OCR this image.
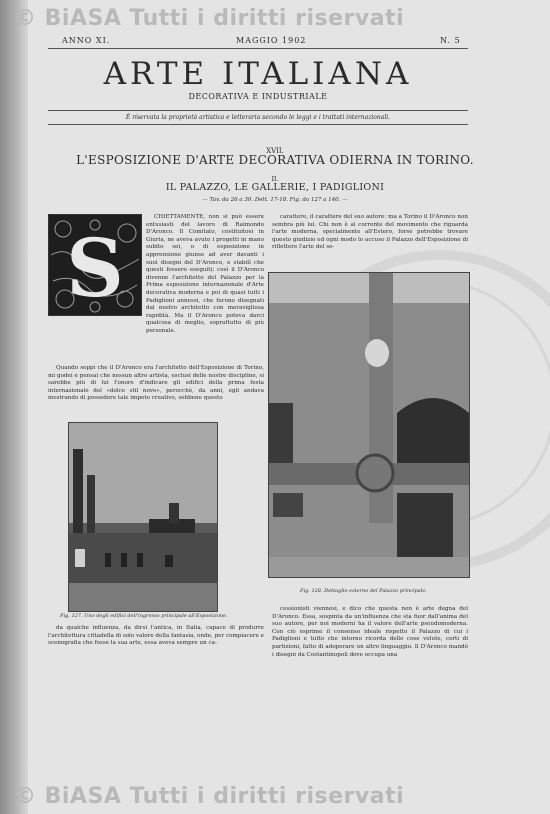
© BiASA Tutti i diritti riservati
© BiASA Tutti i diritti riservati
ANNO XI.	MAGGIO 1902	N. 5
ARTE ITALIANA
DECORATIVA E INDUSTRIALE
È riservata la proprietà artistica e letteraria secondo le leggi e i trattati internazionali.
XVII.
L'ESPOSIZIONE D'ARTE DECORATIVA ODIERNA IN TORINO.
II.
IL PALAZZO, LE GALLERIE, I PADIGLIONI
— Tav. da 26 a 30. Dett. 17-18. Fig. da 127 a 140. —
S

CHIETTAMENTE, non si può essere entusiasti del lavoro di Raimondo D'Aronco. Il Comitato, costituitosi in Giuria, ne aveva avuto i progetti in mano subito sei, o di esposizione in apprensione giunse ad aver davanti i suoi disegni del D'Aronco, e stabilì che questi fossero eseguiti; così il D'Aronco divenne l'architetto del Palazzo per la Prima esposizione internazionale d'Arte decorativa moderna e poi di quasi tutti i Padiglioni annessi, che furono disegnati dal nostro architetto con meravigliosa rapidità. Ma il D'Aronco poteva darci qualcosa di meglio, soprattutto di più personale.

Quando seppi che il D'Aronco era l'architetto dell'Esposizione di Torino, mi godei e pensai che nessun altro artista, esclusi delle nostre discipline, si sarebbe più di lui l'onore d'indicare gli edifici della prima festa internazionale del «dolce stil novo», perocchè, da anni, egli andava mostrando di possedere tale impeto creativo, sebbene questo

carattere, il carattere del suo autore: ma a Torino il D'Aronco non sembra più lui. Chi non è al corrente del movimento che riguarda l'arte moderna, specialmente all'Estero, forse potrebbe trovare questo giudizio ed ogni modo lo accuso il Palazzo dell'Esposizione di riflettere l'arte del se-

Fig. 127. Uno degli edifici dell'ingresso principale all'Esposizione.
Fig. 128. Dettaglio esterno del Palazzo principale.

da qualche influenza, da dirsi l'antica, in Italia, capace di produrre l'architettura cittadella di solo valore della fantasia, onde, per compiacere e scenografia che fosse la sua arte, essa aveva sempre un ca-

cessionisti viennesi, e dico che questa non è arte degna del D'Aronco. Essa, sospinta da un'influenza che sta fuor dall'anima del suo autore, per noi moderni ha il valore dell'arte pseudomoderna. Con ciò esprime il consenso ideale rispetto il Palazzo di cui i Padiglioni e tutto che intorno ricorda delle cose volute, certi di partizioni, fatto di adoperare un altro linguaggio. Il D'Aronco mandò i disegni da Costantinopoli dove occupa una
